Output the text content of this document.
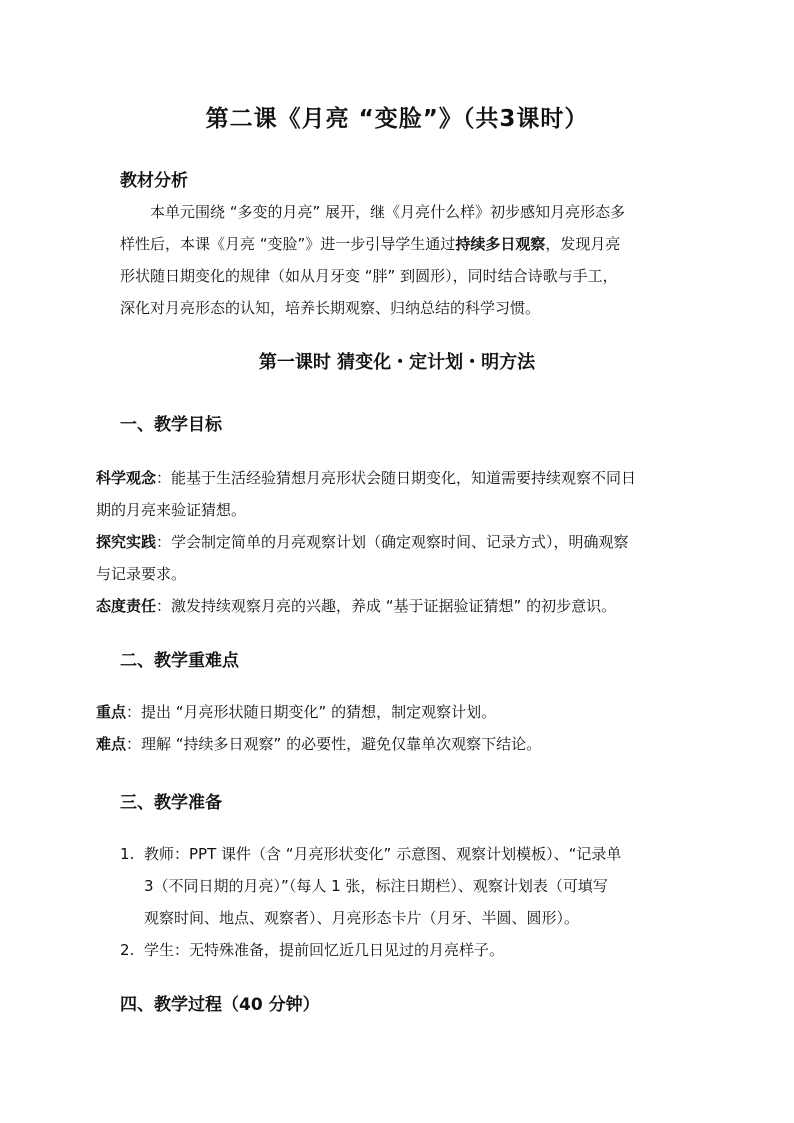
第二课《月亮 “变脸”》（共3课时）
教材分析
本单元围绕 “多变的月亮” 展开，继《月亮什么样》初步感知月亮形态多
样性后，本课《月亮 “变脸”》进一步引导学生通过持续多日观察，发现月亮
形状随日期变化的规律（如从月牙变 “胖” 到圆形），同时结合诗歌与手工，
深化对月亮形态的认知，培养长期观察、归纳总结的科学习惯。
第一课时 猜变化・定计划・明方法
一、教学目标
科学观念：能基于生活经验猜想月亮形状会随日期变化，知道需要持续观察不同日
期的月亮来验证猜想。
探究实践：学会制定简单的月亮观察计划（确定观察时间、记录方式），明确观察
与记录要求。
态度责任：激发持续观察月亮的兴趣，养成 “基于证据验证猜想” 的初步意识。
二、教学重难点
重点：提出 “月亮形状随日期变化” 的猜想，制定观察计划。
难点：理解 “持续多日观察” 的必要性，避免仅靠单次观察下结论。
三、教学准备
1. 教师：PPT 课件（含 “月亮形状变化” 示意图、观察计划模板）、“记录单
3（不同日期的月亮）”（每人 1 张，标注日期栏）、观察计划表（可填写
观察时间、地点、观察者）、月亮形态卡片（月牙、半圆、圆形）。
2. 学生：无特殊准备，提前回忆近几日见过的月亮样子。
四、教学过程（40 分钟）
